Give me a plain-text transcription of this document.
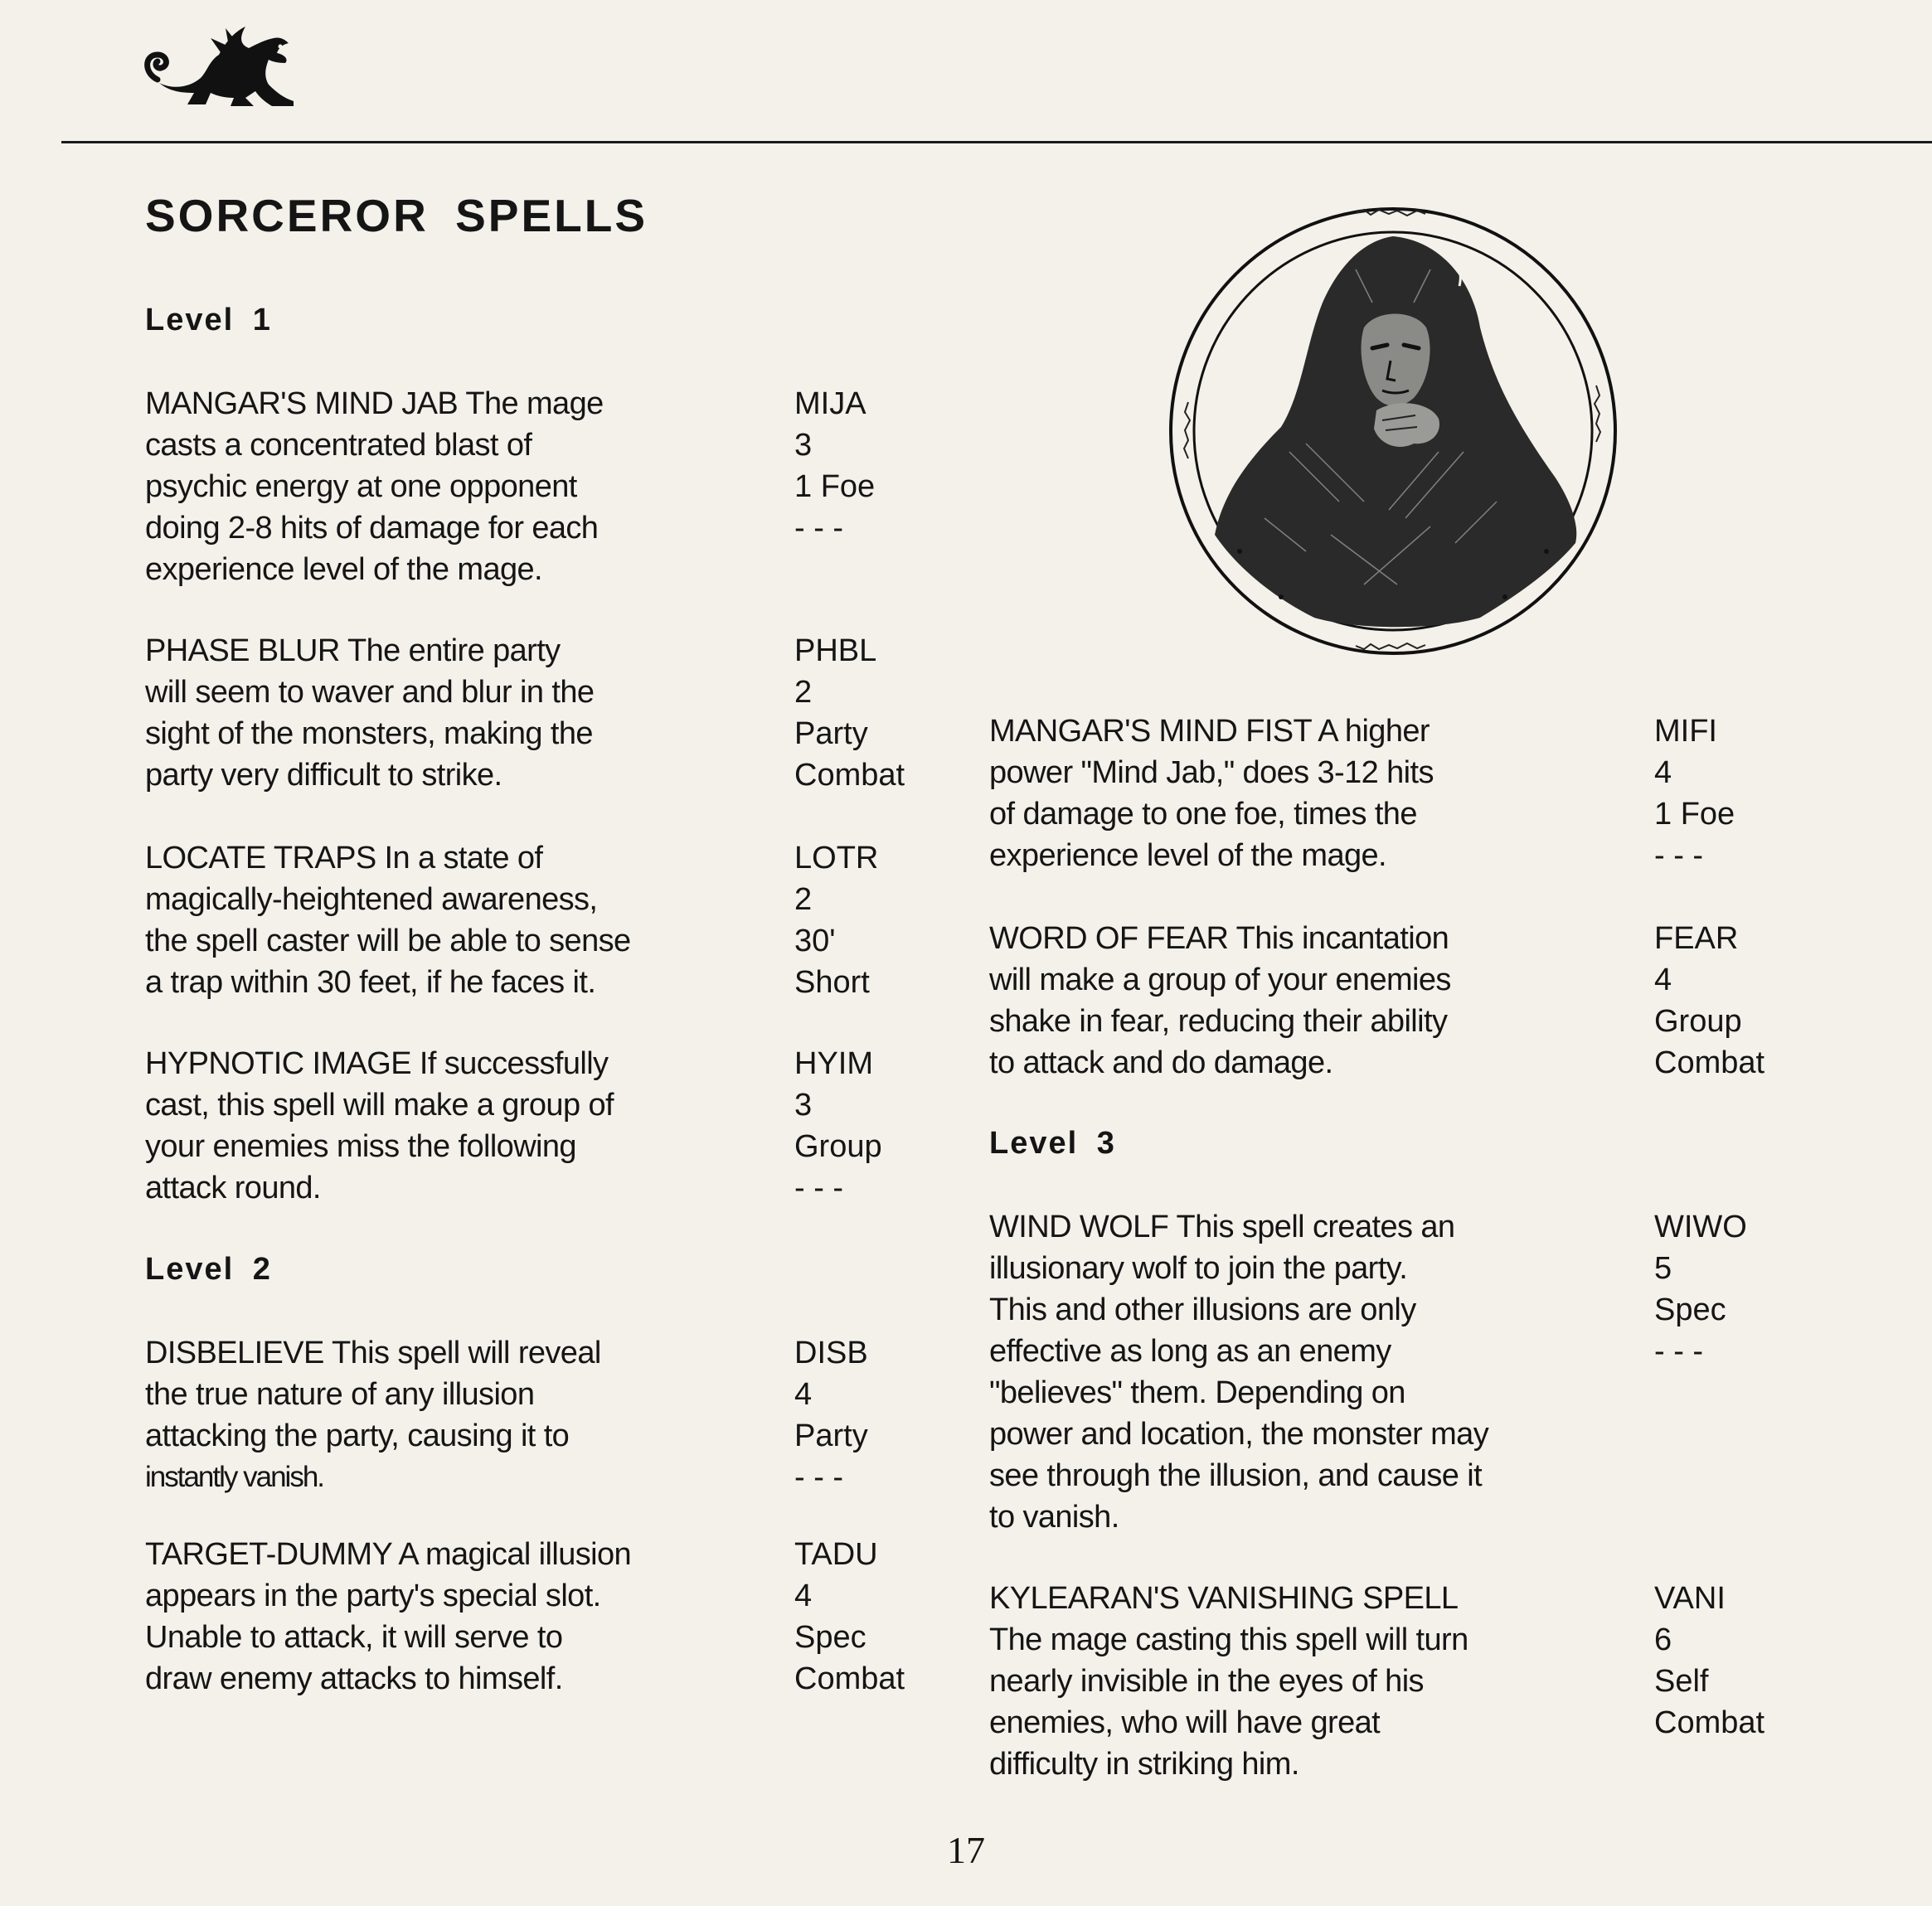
SORCEROR SPELLS
Level 1
Level 2
Level 3
MANGAR'S MIND JAB The mage
casts a concentrated blast of
psychic energy at one opponent
doing 2-8 hits of damage for each
experience level of the mage.
MIJA
3
1 Foe
- - -
PHASE BLUR The entire party
will seem to waver and blur in the
sight of the monsters, making the
party very difficult to strike.
PHBL
2
Party
Combat
LOCATE TRAPS In a state of
magically-heightened awareness,
the spell caster will be able to sense
a trap within 30 feet, if he faces it.
LOTR
2
30'
Short
HYPNOTIC IMAGE If successfully
cast, this spell will make a group of
your enemies miss the following
attack round.
HYIM
3
Group
- - -
DISBELIEVE This spell will reveal
the true nature of any illusion
attacking the party, causing it to
instantly vanish.
DISB
4
Party
- - -
TARGET-DUMMY A magical illusion
appears in the party's special slot.
Unable to attack, it will serve to
draw enemy attacks to himself.
TADU
4
Spec
Combat
MANGAR'S MIND FIST A higher
power "Mind Jab," does 3-12 hits
of damage to one foe, times the
experience level of the mage.
MIFI
4
1 Foe
- - -
WORD OF FEAR This incantation
will make a group of your enemies
shake in fear, reducing their ability
to attack and do damage.
FEAR
4
Group
Combat
WIND WOLF This spell creates an
illusionary wolf to join the party.
This and other illusions are only
effective as long as an enemy
"believes" them. Depending on
power and location, the monster may
see through the illusion, and cause it
to vanish.
WIWO
5
Spec
- - -
KYLEARAN'S VANISHING SPELL
The mage casting this spell will turn
nearly invisible in the eyes of his
enemies, who will have great
difficulty in striking him.
VANI
6
Self
Combat
17
